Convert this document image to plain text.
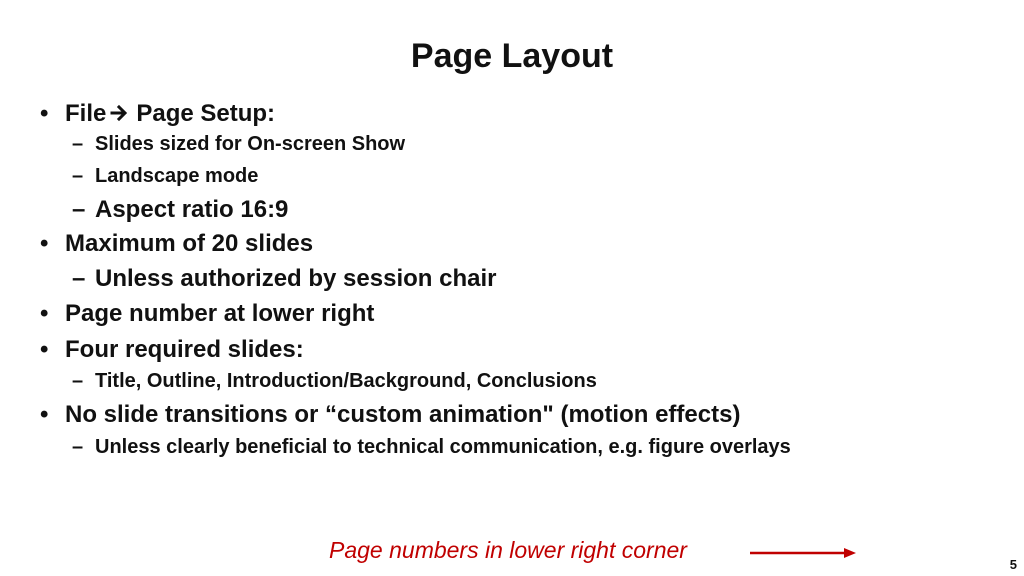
Page Layout
• File Page Setup:
– Slides sized for On-screen Show
– Landscape mode
– Aspect ratio 16:9
• Maximum of 20 slides
– Unless authorized by session chair
• Page number at lower right
• Four required slides:
– Title, Outline, Introduction/Background, Conclusions
• No slide transitions or “custom animation" (motion effects)
– Unless clearly beneficial to technical communication, e.g. figure overlays
Page numbers in lower right corner
5
